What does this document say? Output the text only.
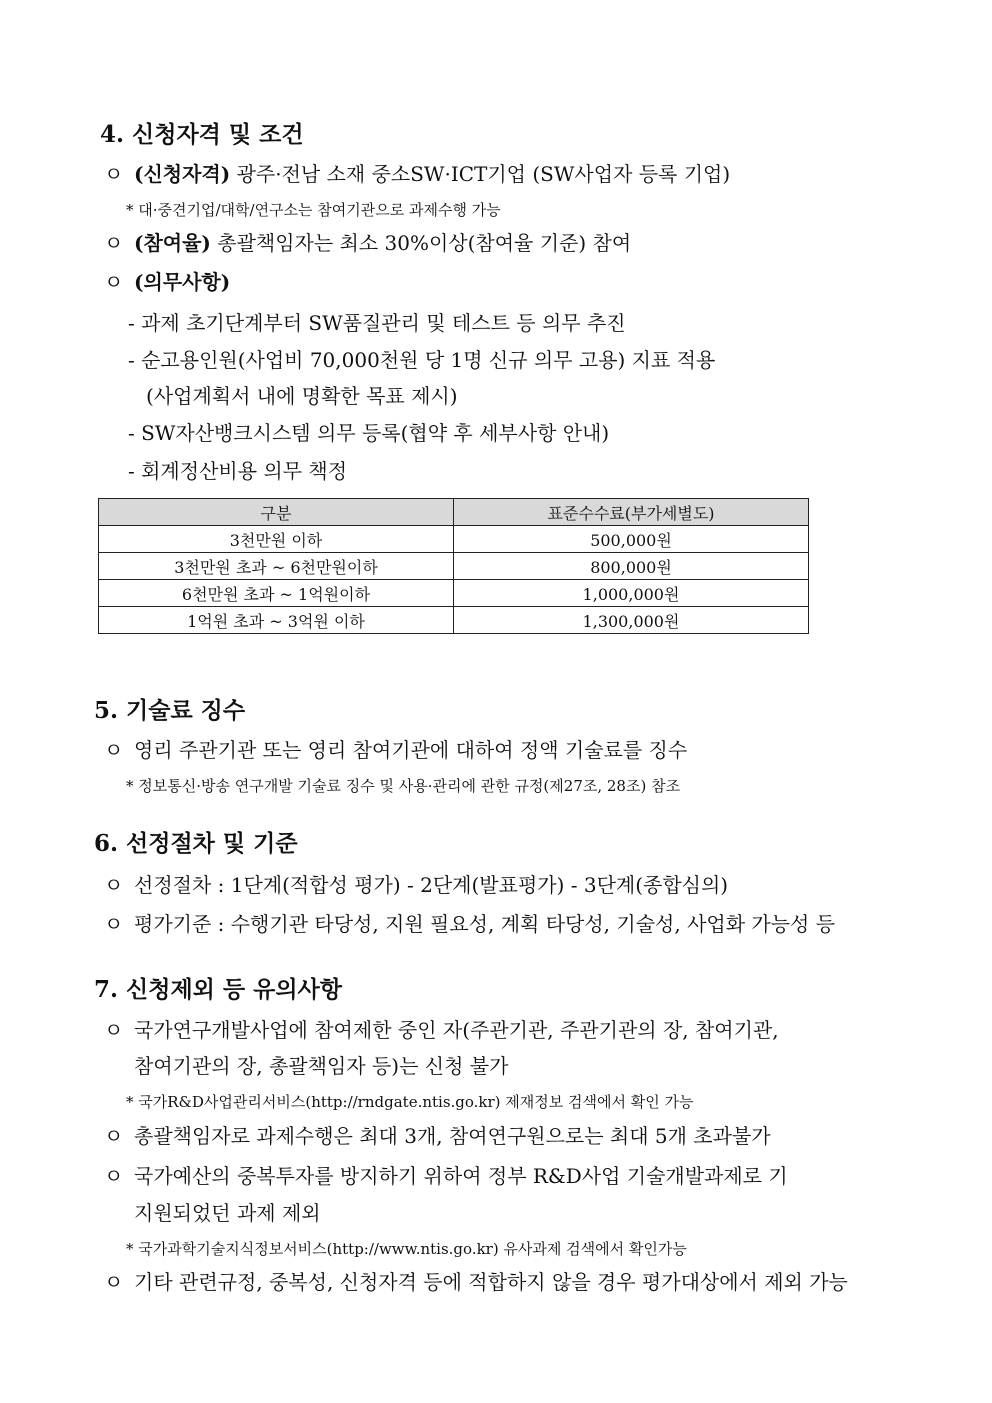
4. 신청자격 및 조건
ㅇ (신청자격) 광주·전남 소재 중소SW·ICT기업 (SW사업자 등록 기업)
* 대·중견기업/대학/연구소는 참여기관으로 과제수행 가능
ㅇ (참여율) 총괄책임자는 최소 30%이상(참여율 기준) 참여
ㅇ (의무사항)
- 과제 초기단계부터 SW품질관리 및 테스트 등 의무 추진
- 순고용인원(사업비 70,000천원 당 1명 신규 의무 고용) 지표 적용
(사업계획서 내에 명확한 목표 제시)
- SW자산뱅크시스템 의무 등록(협약 후 세부사항 안내)
- 회계정산비용 의무 책정
구분	표준수수료(부가세별도)
3천만원 이하	500,000원
3천만원 초과 ~ 6천만원이하	800,000원
6천만원 초과 ~ 1억원이하	1,000,000원
1억원 초과 ~ 3억원 이하	1,300,000원
5. 기술료 징수
ㅇ 영리 주관기관 또는 영리 참여기관에 대하여 정액 기술료를 징수
* 정보통신·방송 연구개발 기술료 징수 및 사용·관리에 관한 규정(제27조, 28조) 참조
6. 선정절차 및 기준
ㅇ 선정절차 : 1단계(적합성 평가) - 2단계(발표평가) - 3단계(종합심의)
ㅇ 평가기준 : 수행기관 타당성, 지원 필요성, 계획 타당성, 기술성, 사업화 가능성 등
7. 신청제외 등 유의사항
ㅇ 국가연구개발사업에 참여제한 중인 자(주관기관, 주관기관의 장, 참여기관,
참여기관의 장, 총괄책임자 등)는 신청 불가
* 국가R&D사업관리서비스(http://rndgate.ntis.go.kr) 제재정보 검색에서 확인 가능
ㅇ 총괄책임자로 과제수행은 최대 3개, 참여연구원으로는 최대 5개 초과불가
ㅇ 국가예산의 중복투자를 방지하기 위하여 정부 R&D사업 기술개발과제로 기
지원되었던 과제 제외
* 국가과학기술지식정보서비스(http://www.ntis.go.kr) 유사과제 검색에서 확인가능
ㅇ 기타 관련규정, 중복성, 신청자격 등에 적합하지 않을 경우 평가대상에서 제외 가능
